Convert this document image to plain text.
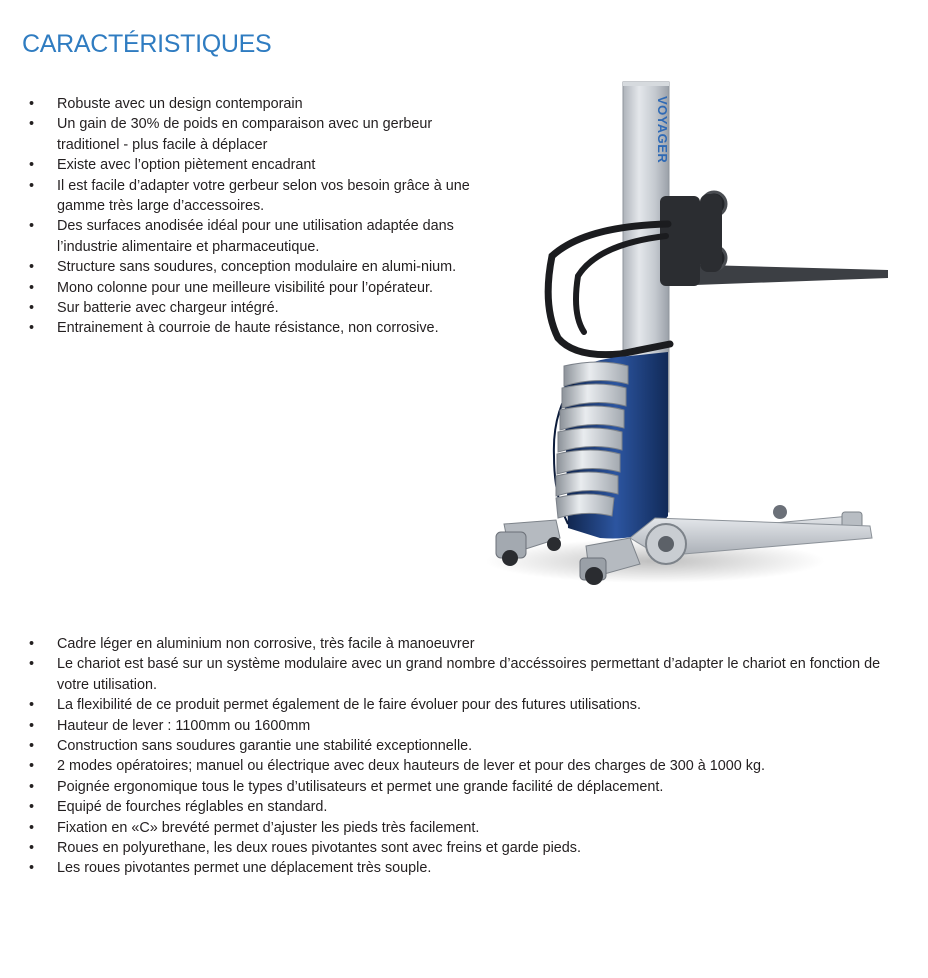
CARACTÉRISTIQUES
• Robuste avec un design contemporain
• Un gain de 30% de poids en comparaison avec un gerbeur traditionel - plus facile à déplacer
• Existe avec l’option piètement encadrant
• Il est facile d’adapter votre gerbeur selon vos besoin grâce à une gamme très large d’accessoires.
• Des surfaces anodisée idéal pour une utilisation adaptée dans l’industrie alimentaire et pharmaceutique.
• Structure sans soudures, conception modulaire en alumi-nium.
• Mono colonne pour une meilleure visibilité pour l’opérateur.
• Sur batterie avec chargeur intégré.
• Entrainement à courroie de haute résistance, non corrosive.
VOYAGER
• Cadre léger en aluminium non corrosive, très facile à manoeuvrer
• Le chariot est basé sur un système modulaire avec un grand nombre d’accéssoires permettant d’adapter le chariot en fonction de votre utilisation.
• La flexibilité de ce produit permet également de le faire évoluer pour des futures utilisations.
• Hauteur de lever : 1100mm ou 1600mm
• Construction sans soudures garantie une stabilité exceptionnelle.
• 2 modes opératoires; manuel ou électrique avec deux hauteurs de lever et pour des charges de 300 à 1000 kg.
• Poignée ergonomique tous le types d’utilisateurs et permet une grande facilité de déplacement.
• Equipé de fourches réglables en standard.
• Fixation en «C» brevété permet d’ajuster les pieds très facilement.
• Roues en polyurethane, les deux roues pivotantes sont avec freins et garde pieds.
• Les roues pivotantes permet une déplacement très souple.
